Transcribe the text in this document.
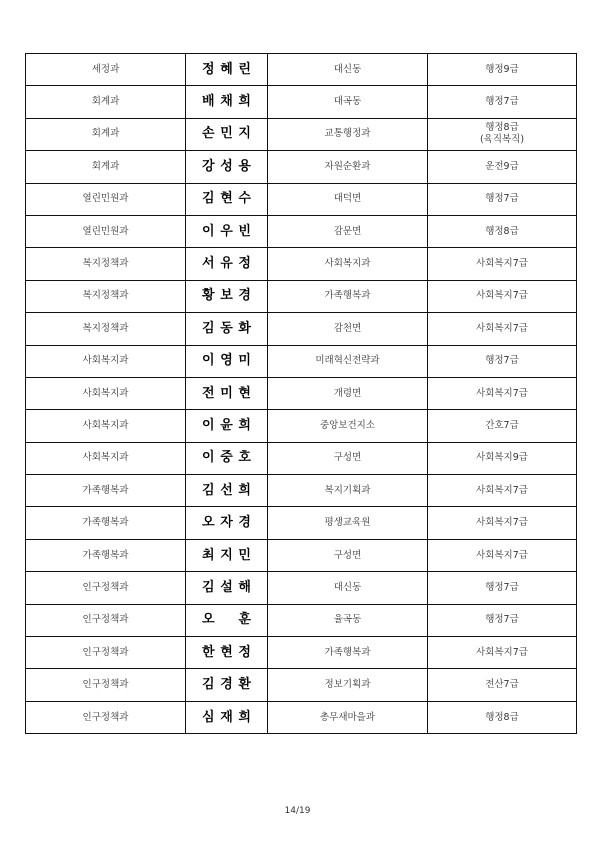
세정과	정 혜 린	대신동	행정9급

회계과	배 채 희	대곡동	행정7급

회계과	손 민 지	교통행정과	행정8급
(육직복직)

회계과	강 성 용	자원순환과	운전9급

열린민원과	김 현 수	대덕면	행정7급

열린민원과	이 우 빈	감문면	행정8급

복지정책과	서 유 정	사회복지과	사회복지7급

복지정책과	황 보 경	가족행복과	사회복지7급

복지정책과	김 동 화	감천면	사회복지7급

사회복지과	이 영 미	미래혁신전략과	행정7급

사회복지과	전 미 현	개령면	사회복지7급

사회복지과	이 윤 희	중앙보건지소	간호7급

사회복지과	이 중 호	구성면	사회복지9급

가족행복과	김 선 희	복지기획과	사회복지7급

가족행복과	오 자 경	평생교육원	사회복지7급

가족행복과	최 지 민	구성면	사회복지7급

인구정책과	김 설 해	대신동	행정7급

인구정책과	오 훈	율곡동	행정7급

인구정책과	한 현 정	가족행복과	사회복지7급

인구정책과	김 경 환	정보기획과	전산7급

인구정책과	심 재 희	총무새마을과	행정8급
14/19
